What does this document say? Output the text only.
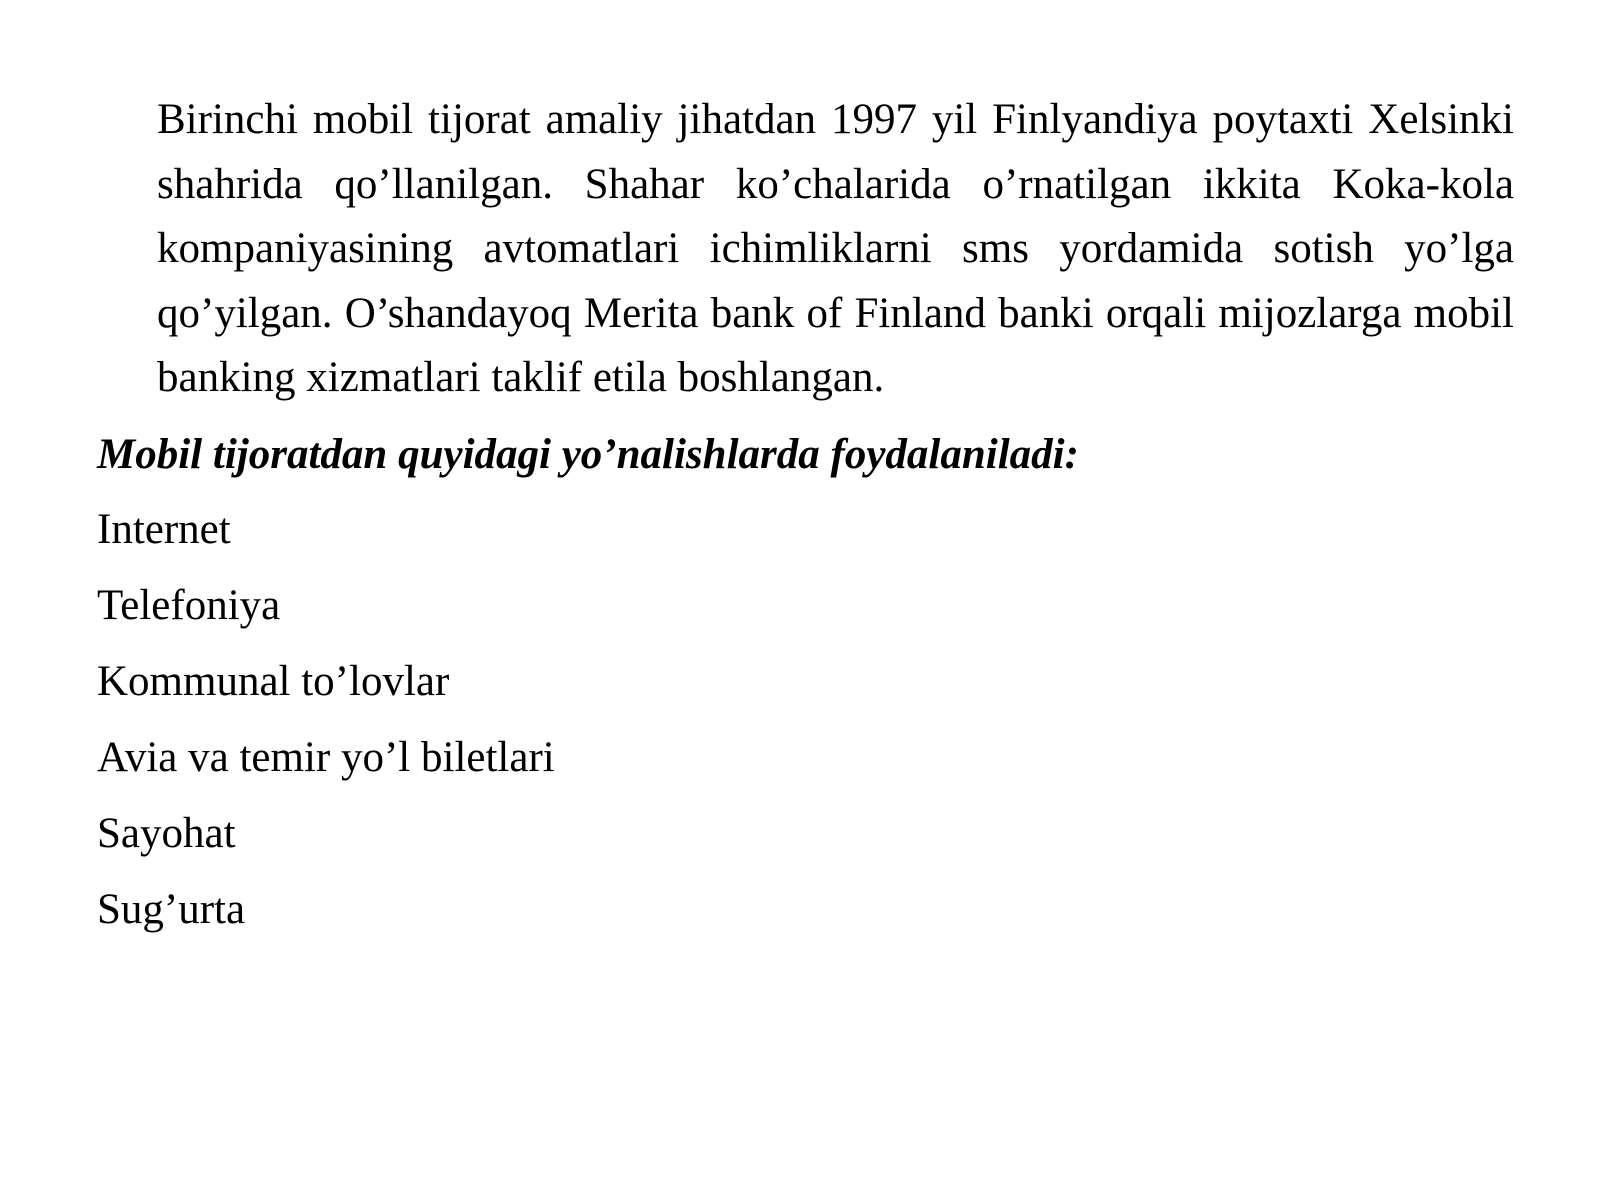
Birinchi mobil tijorat amaliy jihatdan 1997 yil Finlyandiya poytaxti Xelsinki shahrida qo’llanilgan. Shahar ko’chalarida o’rnatilgan ikkita Koka-kola kompaniyasining avtomatlari ichimliklarni sms yordamida sotish yo’lga qo’yilgan. O’shandayoq Merita bank of Finland banki orqali mijozlarga mobil banking xizmatlari taklif etila boshlangan.

Mobil tijoratdan quyidagi yo’nalishlarda foydalaniladi:

Internet
Telefoniya
Kommunal to’lovlar
Avia va temir yo’l biletlari
Sayohat
Sug’urta
